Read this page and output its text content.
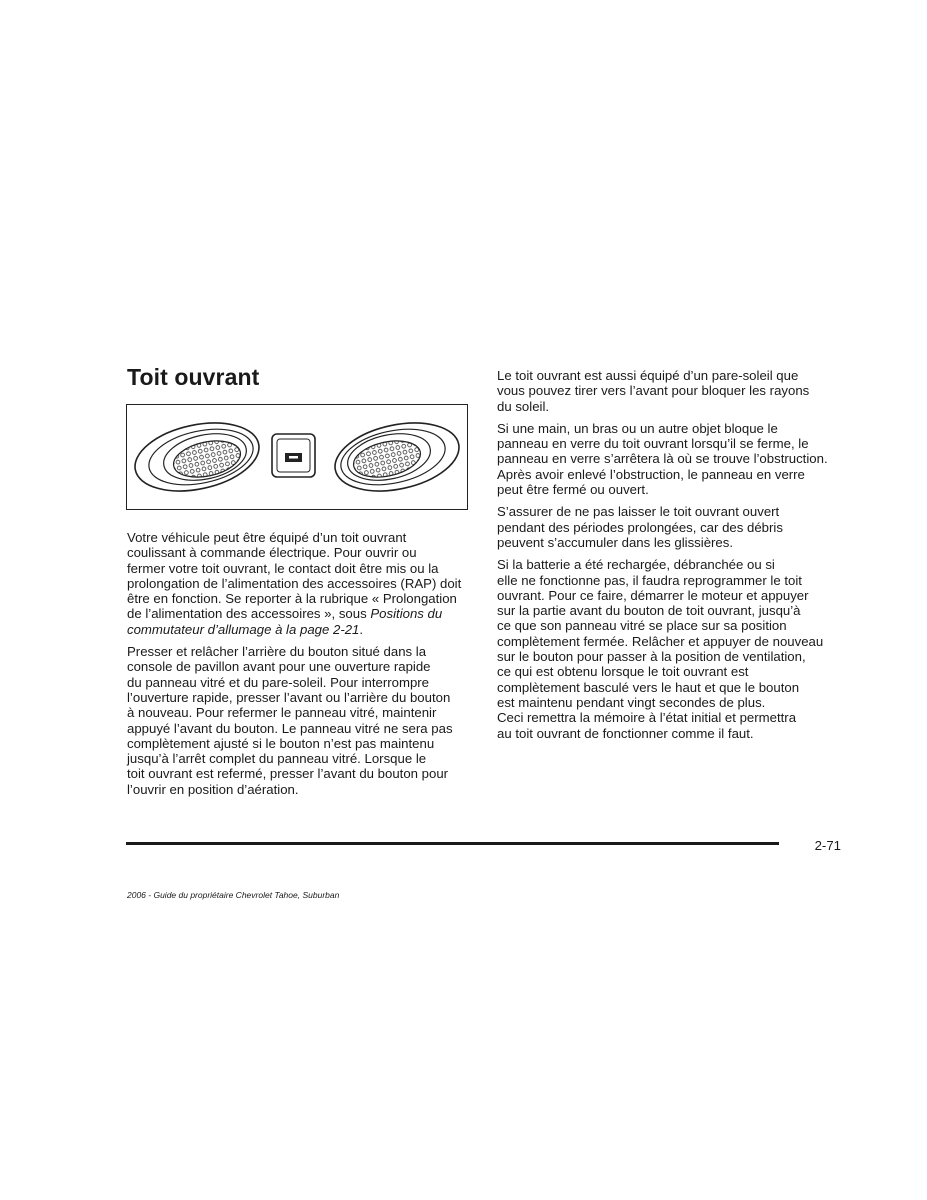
Toit ouvrant

Votre véhicule peut être équipé d’un toit ouvrant
coulissant à commande électrique. Pour ouvrir ou
fermer votre toit ouvrant, le contact doit être mis ou la
prolongation de l’alimentation des accessoires (RAP) doit
être en fonction. Se reporter à la rubrique « Prolongation
de l’alimentation des accessoires », sous Positions du
commutateur d’allumage à la page 2-21.

Presser et relâcher l’arrière du bouton situé dans la
console de pavillon avant pour une ouverture rapide
du panneau vitré et du pare-soleil. Pour interrompre
l’ouverture rapide, presser l’avant ou l’arrière du bouton
à nouveau. Pour refermer le panneau vitré, maintenir
appuyé l’avant du bouton. Le panneau vitré ne sera pas
complètement ajusté si le bouton n’est pas maintenu
jusqu’à l’arrêt complet du panneau vitré. Lorsque le
toit ouvrant est refermé, presser l’avant du bouton pour
l’ouvrir en position d’aération.

Le toit ouvrant est aussi équipé d’un pare-soleil que
vous pouvez tirer vers l’avant pour bloquer les rayons
du soleil.

Si une main, un bras ou un autre objet bloque le
panneau en verre du toit ouvrant lorsqu’il se ferme, le
panneau en verre s’arrêtera là où se trouve l’obstruction.
Après avoir enlevé l’obstruction, le panneau en verre
peut être fermé ou ouvert.

S’assurer de ne pas laisser le toit ouvrant ouvert
pendant des périodes prolongées, car des débris
peuvent s’accumuler dans les glissières.

Si la batterie a été rechargée, débranchée ou si
elle ne fonctionne pas, il faudra reprogrammer le toit
ouvrant. Pour ce faire, démarrer le moteur et appuyer
sur la partie avant du bouton de toit ouvrant, jusqu’à
ce que son panneau vitré se place sur sa position
complètement fermée. Relâcher et appuyer de nouveau
sur le bouton pour passer à la position de ventilation,
ce qui est obtenu lorsque le toit ouvrant est
complètement basculé vers le haut et que le bouton
est maintenu pendant vingt secondes de plus.
Ceci remettra la mémoire à l’état initial et permettra
au toit ouvrant de fonctionner comme il faut.

2-71
2006 - Guide du propriétaire Chevrolet Tahoe, Suburban
